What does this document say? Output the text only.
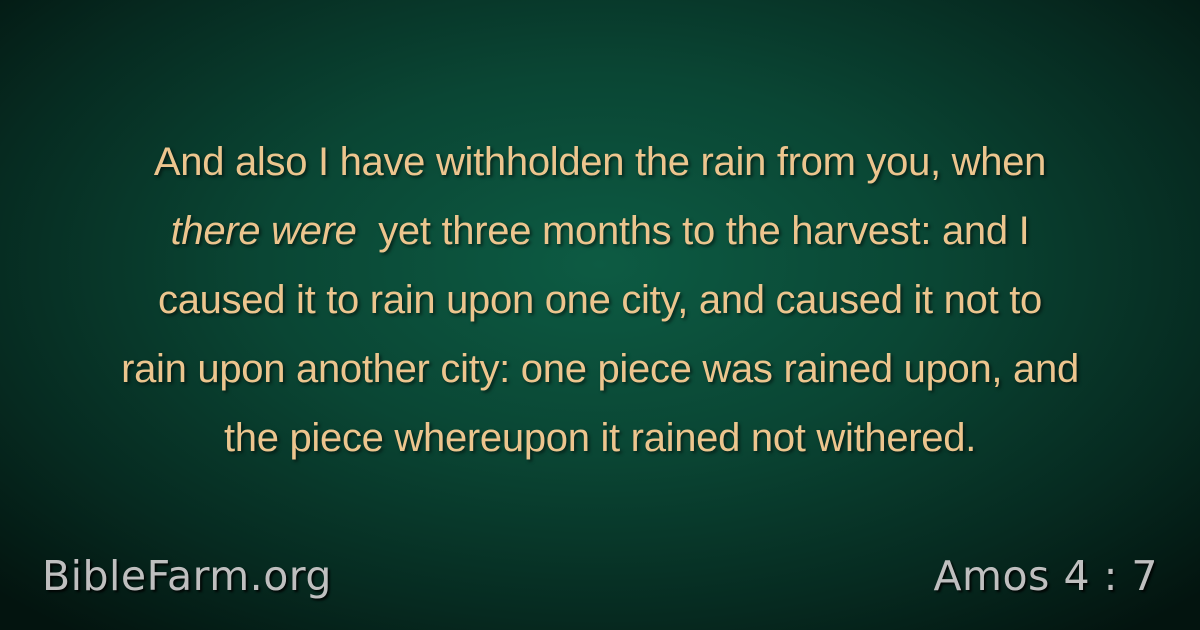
And also I have withholden the rain from you, when
there were yet three months to the harvest: and I
caused it to rain upon one city, and caused it not to
rain upon another city: one piece was rained upon, and
the piece whereupon it rained not withered.
BibleFarm.org	Amos 4 : 7
